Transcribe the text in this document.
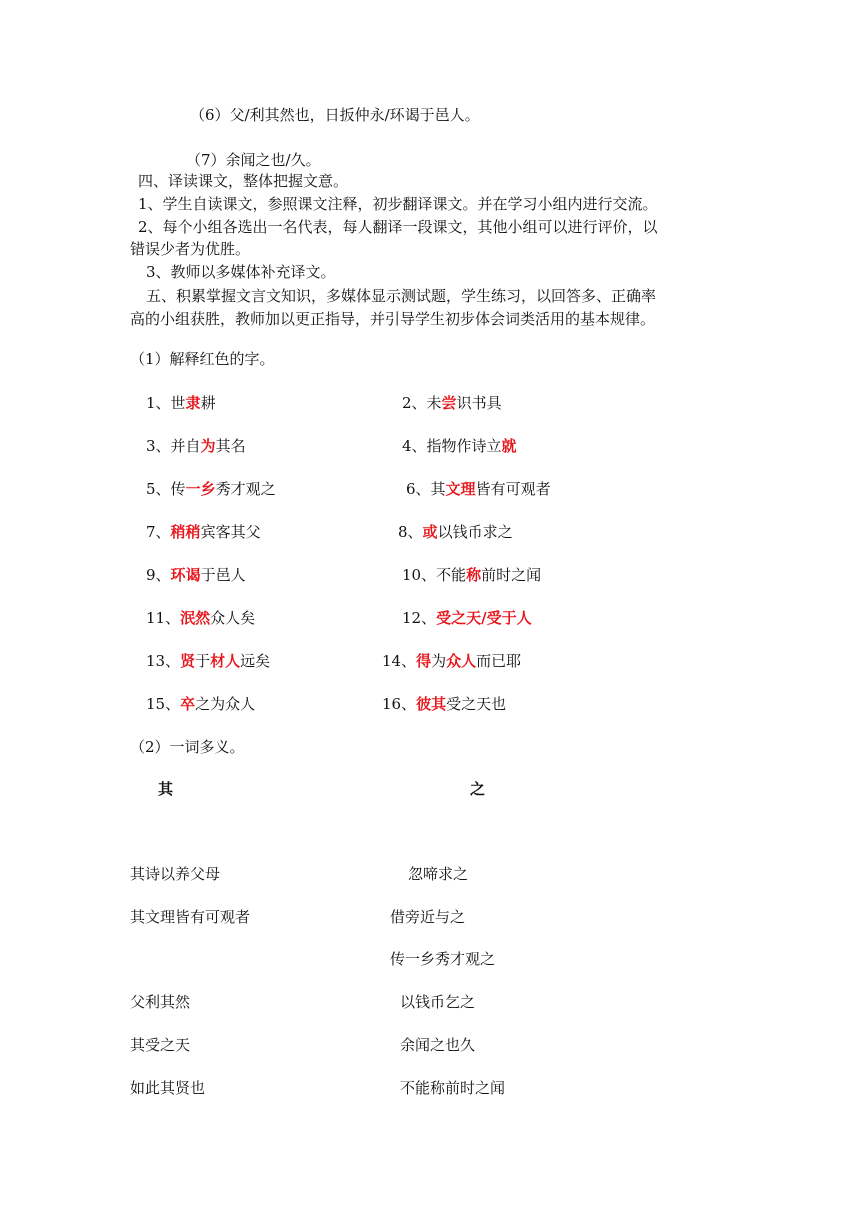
（6）父/利其然也，日扳仲永/环谒于邑人。
（7）余闻之也/久。
四、译读课文，整体把握文意。
1、学生自读课文，参照课文注释，初步翻译课文。并在学习小组内进行交流。
2、每个小组各选出一名代表，每人翻译一段课文，其他小组可以进行评价，以
错误少者为优胜。
3、教师以多媒体补充译文。
五、积累掌握文言文知识，多媒体显示测试题，学生练习，以回答多、正确率
高的小组获胜，教师加以更正指导，并引导学生初步体会词类活用的基本规律。
（1）解释红色的字。
1、世隶耕
3、并自为其名
5、传一乡秀才观之
7、稍稍宾客其父
9、环谒于邑人
11、泯然众人矣
13、贤于材人远矣
15、卒之为众人
2、未尝识书具
4、指物作诗立就
6、其文理皆有可观者
8、或以钱币求之
10、不能称前时之闻
12、受之天/受于人
14、得为众人而已耶
16、彼其受之天也
（2）一词多义。
其	之
其诗以养父母
其文理皆有可观者
父利其然
其受之天
如此其贤也
忽啼求之
借旁近与之
传一乡秀才观之
以钱币乞之
余闻之也久
不能称前时之闻
